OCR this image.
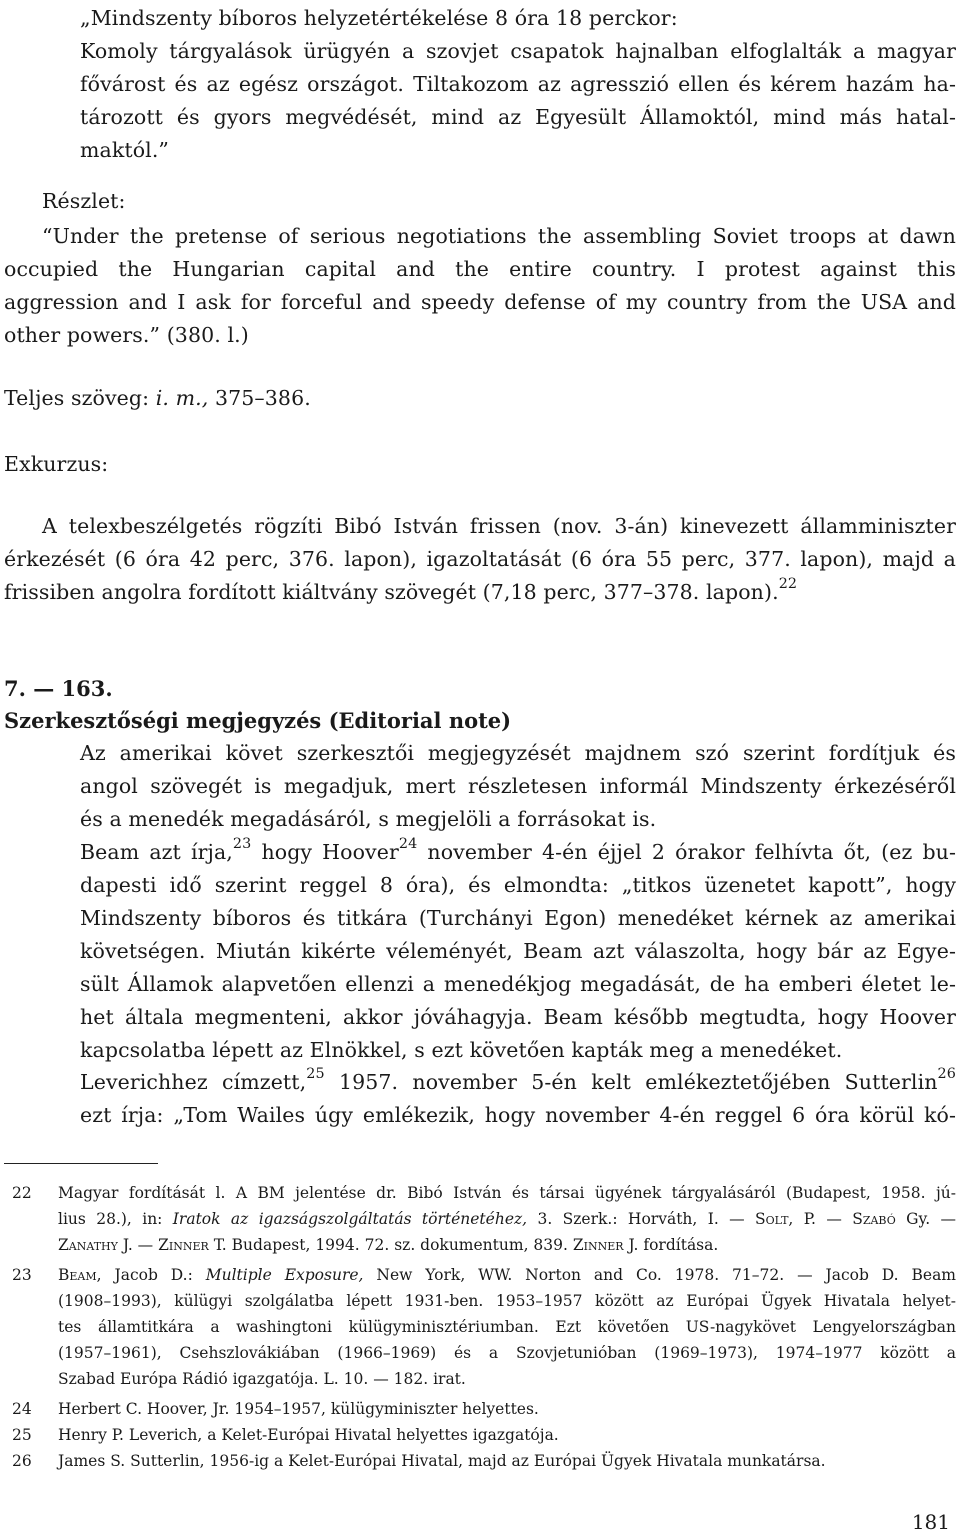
„Mindszenty bíboros helyzetértékelése 8 óra 18 perckor:
Komoly tárgyalások ürügyén a szovjet csapatok hajnalban elfoglalták a magyar
fővárost és az egész országot. Tiltakozom az agresszió ellen és kérem hazám ha-
tározott és gyors megvédését, mind az Egyesült Államoktól, mind más hatal-
maktól.”

Részlet:

“Under the pretense of serious negotiations the assembling Soviet troops at dawn

occupied the Hungarian capital and the entire country. I protest against this
aggression and I ask for forceful and speedy defense of my country from the USA and
other powers.” (380. l.)

Teljes szöveg: i. m., 375–386.

Exkurzus:

A telexbeszélgetés rögzíti Bibó István frissen (nov. 3-án) kinevezett államminiszter

érkezését (6 óra 42 perc, 376. lapon), igazoltatását (6 óra 55 perc, 377. lapon), majd a
frissiben angolra fordított kiáltvány szövegét (7,18 perc, 377–378. lapon).$^{22}$

7. — 163.

Szerkesztőségi megjegyzés (Editorial note)

Az amerikai követ szerkesztői megjegyzését majdnem szó szerint fordítjuk és
angol szövegét is megadjuk, mert részletesen informál Mindszenty érkezéséről
és a menedék megadásáról, s megjelöli a forrásokat is.
Beam azt írja,$^{23}$ hogy Hoover$^{24}$ november 4-én éjjel 2 órakor felhívta őt, (ez bu-
dapesti idő szerint reggel 8 óra), és elmondta: „titkos üzenetet kapott”, hogy
Mindszenty bíboros és titkára (Turchányi Egon) menedéket kérnek az amerikai
követségen. Miután kikérte véleményét, Beam azt válaszolta, hogy bár az Egye-
sült Államok alapvetően ellenzi a menedékjog megadását, de ha emberi életet le-
het általa megmenteni, akkor jóváhagyja. Beam később megtudta, hogy Hoover
kapcsolatba lépett az Elnökkel, s ezt követően kapták meg a menedéket.
Leverichhez címzett,$^{25}$ 1957. november 5-én kelt emlékeztetőjében Sutterlin$^{26}$
ezt írja: „Tom Wailes úgy emlékezik, hogy november 4-én reggel 6 óra körül kó-
22 Magyar fordítását l. A BM jelentése dr. Bibó István és társai ügyének tárgyalásáról (Budapest, 1958. jú-
lius 28.), in: Iratok az igazságszolgáltatás történetéhez, 3. Szerk.: Horváth, I. — Solt, P. — Szabó Gy. —
Zanathy J. — Zinner T. Budapest, 1994. 72. sz. dokumentum, 839. Zinner J. fordítása.
23 Beam, Jacob D.: Multiple Exposure, New York, WW. Norton and Co. 1978. 71–72. — Jacob D. Beam
(1908–1993), külügyi szolgálatba lépett 1931-ben. 1953–1957 között az Európai Ügyek Hivatala helyet-
tes államtitkára a washingtoni külügyminisztériumban. Ezt követően US-nagykövet Lengyelországban
(1957–1961), Csehszlovákiában (1966–1969) és a Szovjetunióban (1969–1973), 1974–1977 között a
Szabad Európa Rádió igazgatója. L. 10. — 182. irat.
24 Herbert C. Hoover, Jr. 1954–1957, külügyminiszter helyettes.
25 Henry P. Leverich, a Kelet-Európai Hivatal helyettes igazgatója.
26 James S. Sutterlin, 1956-ig a Kelet-Európai Hivatal, majd az Európai Ügyek Hivatala munkatársa.

181
